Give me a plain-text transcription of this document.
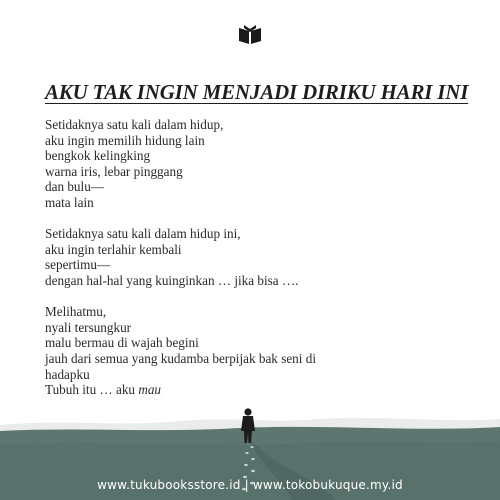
AKU TAK INGIN MENJADI DIRIKU HARI INI
Setidaknya satu kali dalam hidup,
aku ingin memilih hidung lain
bengkok kelingking
warna iris, lebar pinggang
dan bulu—
mata lain
Setidaknya satu kali dalam hidup ini,
aku ingin terlahir kembali
sepertimu—
dengan hal-hal yang kuinginkan … jika bisa ….
Melihatmu,
nyali tersungkur
malu bermau di wajah begini
jauh dari semua yang kudamba berpijak bak seni di
hadapku
Tubuh itu … aku mau
www.tukubooksstore.id | www.tokobukuque.my.id
